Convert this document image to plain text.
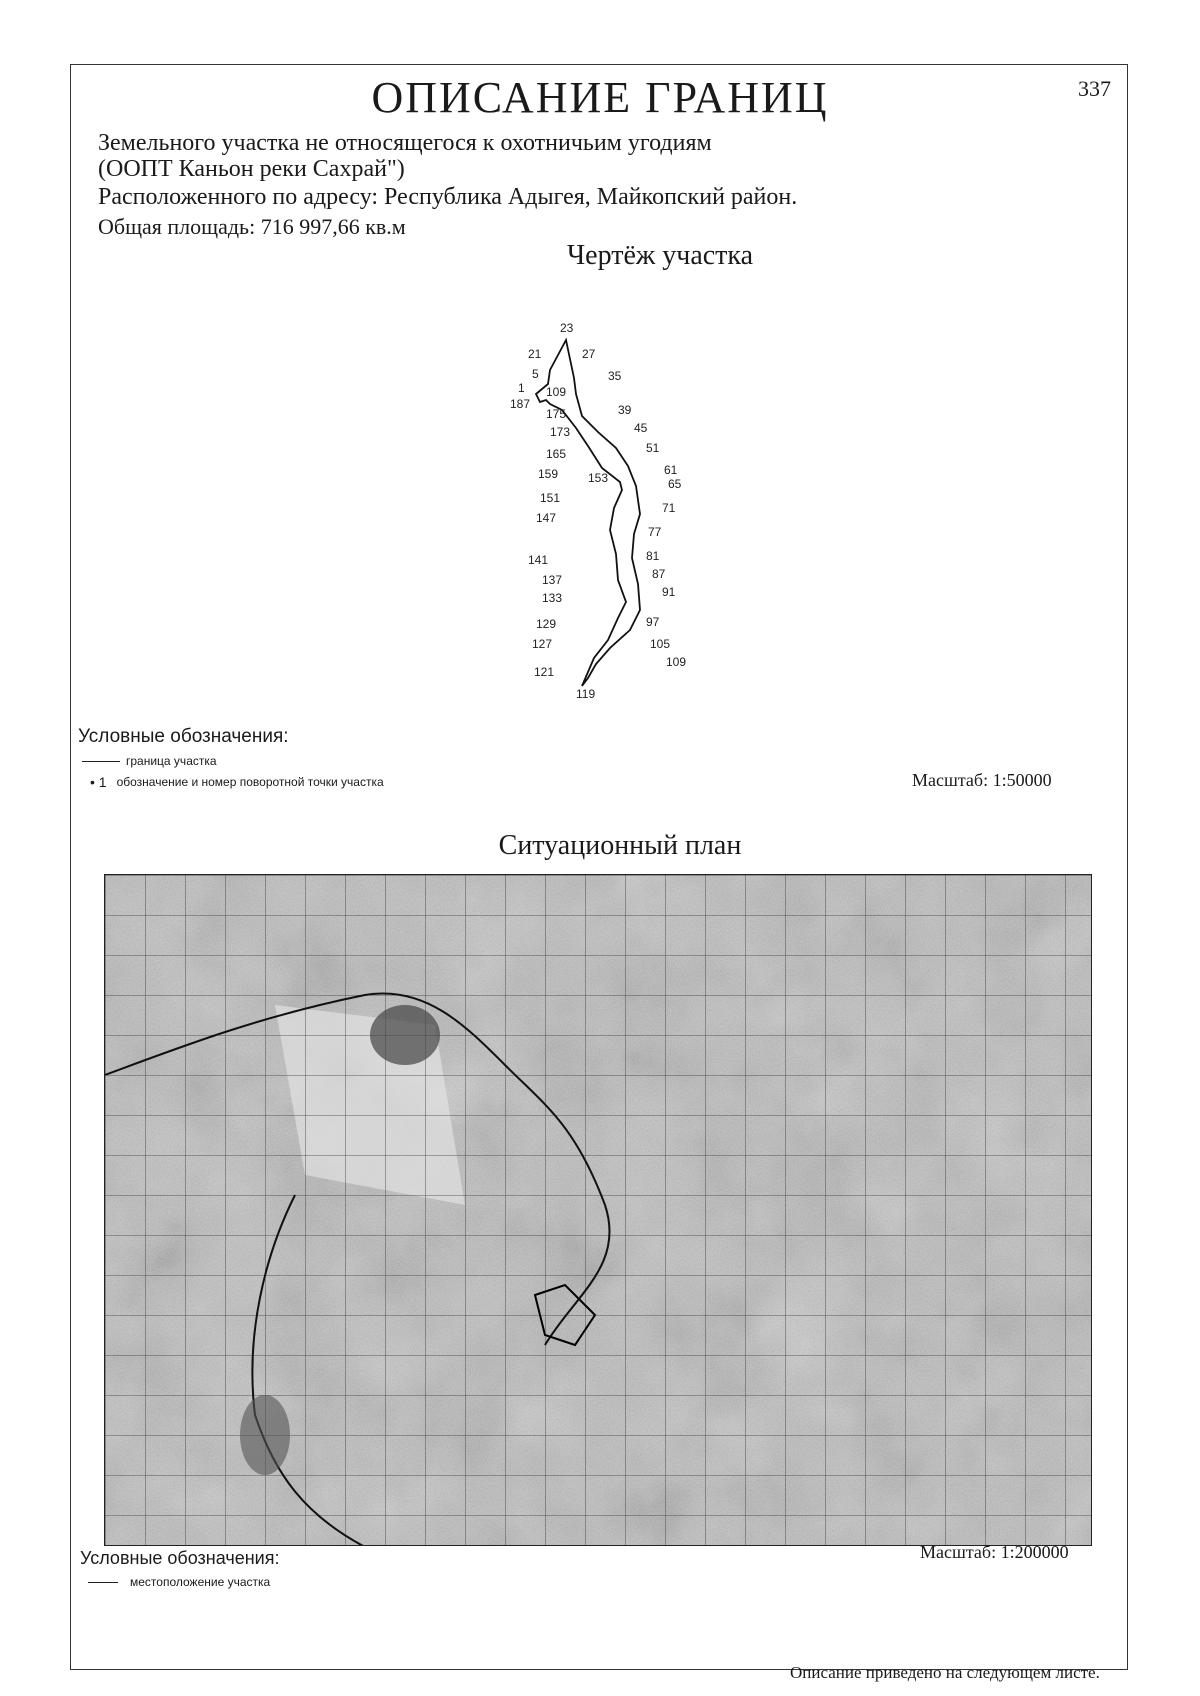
ОПИСАНИЕ ГРАНИЦ	337
Земельного участка не относящегося к охотничьим угодиям
(ООПТ Каньон реки Сахрай")
Расположенного по адресу: Республика Адыгея, Майкопский район.
Общая площадь: 716 997,66 кв.м
Чертёж участка
23
21	27
5	35
1 109
187
175	39
173	45
51
165
61
159 153	65
151
71
147
77
141	81
137	87
133	91
129	97
127	105
109
121
119
Условные обозначения:
граница участка
• 1 обозначение и номер поворотной точки участка	Масштаб: 1:50000
Ситуационный план
Условные обозначения:	Масштаб: 1:200000
местоположение участка
Описание приведено на следующем листе.
